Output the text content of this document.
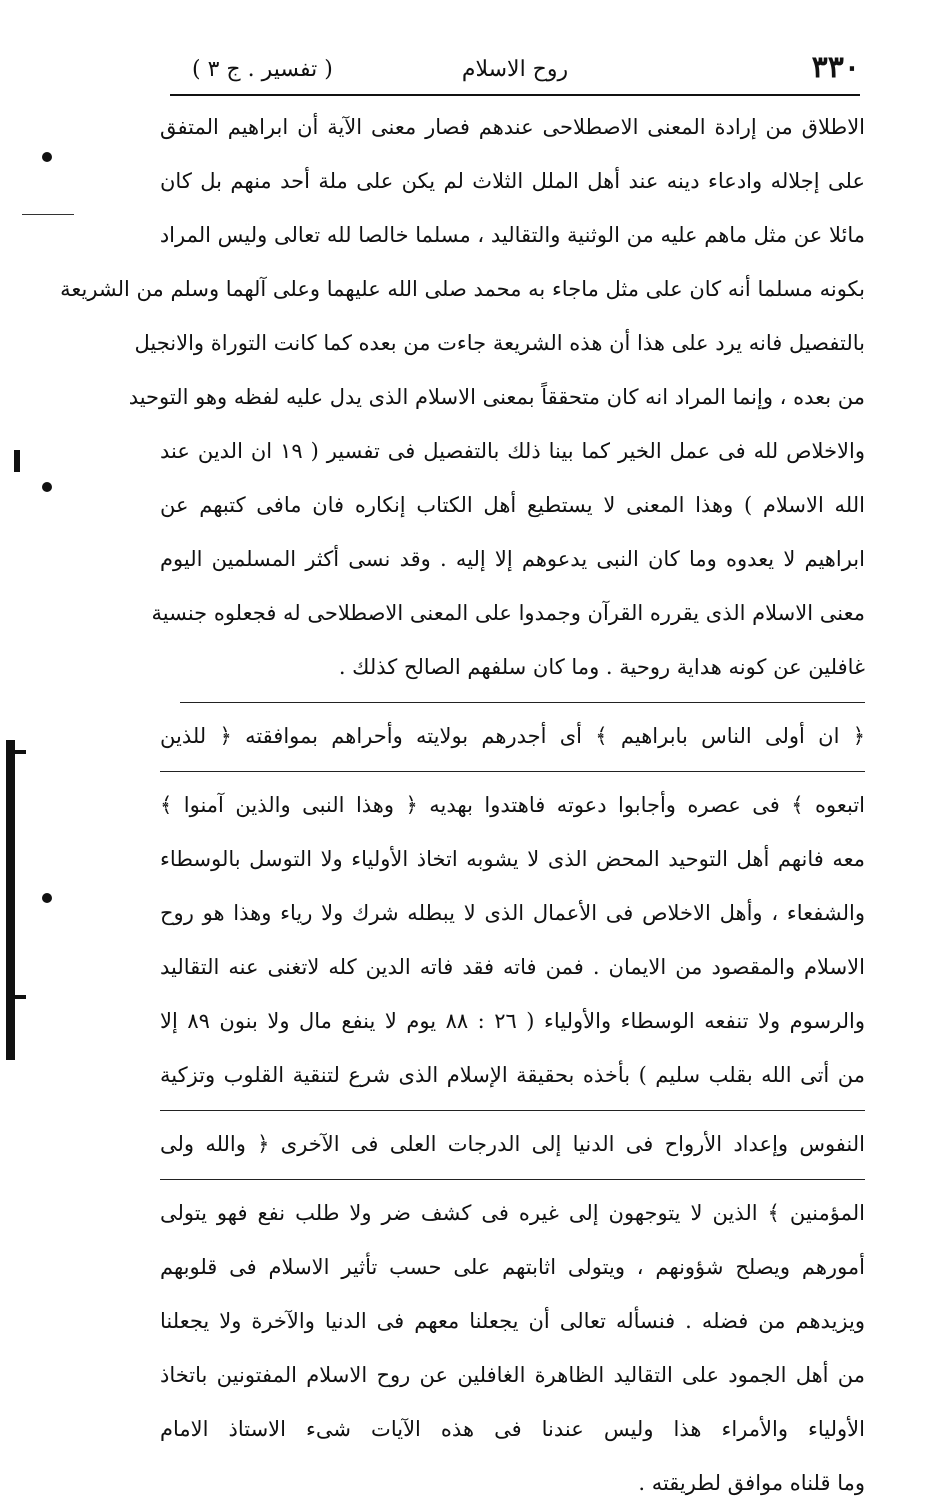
٣٣٠
روح الاسلام
( تفسير . ج ٣ )
الاطلاق من إرادة المعنى الاصطلاحى عندهم فصار معنى الآية أن ابراهيم المتفق
على إجلاله وادعاء دينه عند أهل الملل الثلاث لم يكن على ملة أحد منهم بل كان
مائلا عن مثل ماهم عليه من الوثنية والتقاليد ، مسلما خالصا لله تعالى وليس المراد
بكونه مسلما أنه كان على مثل ماجاء به محمد صلى الله عليهما وعلى آلهما وسلم من الشريعة
بالتفصيل فانه يرد على هذا أن هذه الشريعة جاءت من بعده كما كانت التوراة والانجيل
من بعده ، وإنما المراد انه كان متحققاً بمعنى الاسلام الذى يدل عليه لفظه وهو التوحيد
والاخلاص لله فى عمل الخير كما بينا ذلك بالتفصيل فى تفسير ( ١٩ ان الدين عند
الله الاسلام ) وهذا المعنى لا يستطيع أهل الكتاب إنكاره فان مافى كتبهم عن
ابراهيم لا يعدوه وما كان النبى يدعوهم إلا إليه . وقد نسى أكثر المسلمين اليوم
معنى الاسلام الذى يقرره القرآن وجمدوا على المعنى الاصطلاحى له فجعلوه جنسية
غافلين عن كونه هداية روحية . وما كان سلفهم الصالح كذلك .
﴿ ان أولى الناس بابراهيم ﴾ أى أجدرهم بولايته وأحراهم بموافقته ﴿ للذين
اتبعوه ﴾ فى عصره وأجابوا دعوته فاهتدوا بهديه ﴿ وهذا النبى والذين آمنوا ﴾
معه فانهم أهل التوحيد المحض الذى لا يشوبه اتخاذ الأولياء ولا التوسل بالوسطاء
والشفعاء ، وأهل الاخلاص فى الأعمال الذى لا يبطله شرك ولا رياء وهذا هو روح
الاسلام والمقصود من الايمان . فمن فاته فقد فاته الدين كله لاتغنى عنه التقاليد
والرسوم ولا تنفعه الوسطاء والأولياء ( ٢٦ : ٨٨ يوم لا ينفع مال ولا بنون ٨٩ إلا
من أتى الله بقلب سليم ) بأخذه بحقيقة الإسلام الذى شرع لتنقية القلوب وتزكية
النفوس وإعداد الأرواح فى الدنيا إلى الدرجات العلى فى الآخرى ﴿ والله ولى
المؤمنين ﴾ الذين لا يتوجهون إلى غيره فى كشف ضر ولا طلب نفع فهو يتولى
أمورهم ويصلح شؤونهم ، ويتولى اثابتهم على حسب تأثير الاسلام فى قلوبهم
ويزيدهم من فضله . فنسأله تعالى أن يجعلنا معهم فى الدنيا والآخرة ولا يجعلنا
من أهل الجمود على التقاليد الظاهرة الغافلين عن روح الاسلام المفتونين باتخاذ
الأولياء والأمراء هذا وليس عندنا فى هذه الآيات شىء الاستاذ الامام
وما قلناه موافق لطريقته .
